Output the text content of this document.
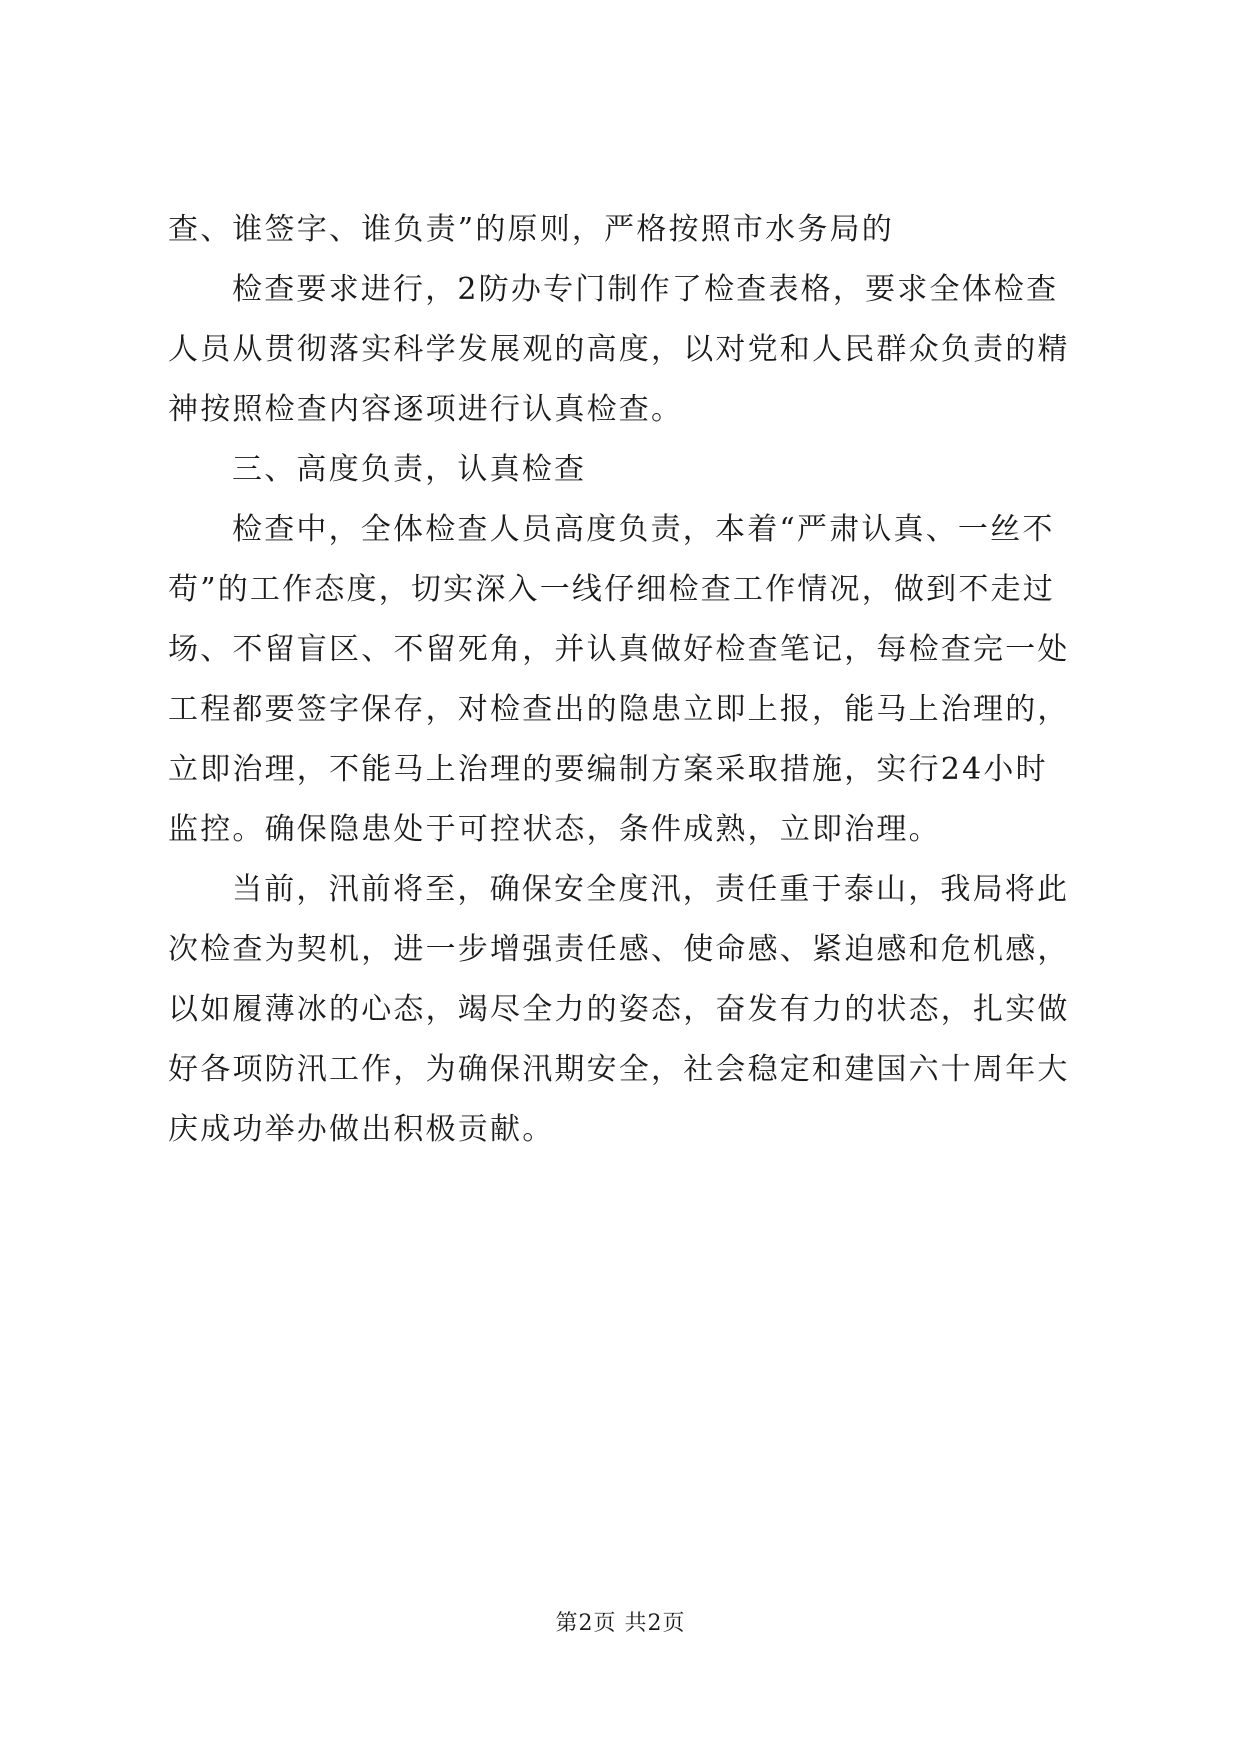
查、谁签字、谁负责”的原则，严格按照市水务局的
检查要求进行，2防办专门制作了检查表格，要求全体检查
人员从贯彻落实科学发展观的高度，以对党和人民群众负责的精
神按照检查内容逐项进行认真检查。
三、高度负责，认真检查
检查中，全体检查人员高度负责，本着“严肃认真、一丝不
苟”的工作态度，切实深入一线仔细检查工作情况，做到不走过
场、不留盲区、不留死角，并认真做好检查笔记，每检查完一处
工程都要签字保存，对检查出的隐患立即上报，能马上治理的，
立即治理，不能马上治理的要编制方案采取措施，实行24小时
监控。确保隐患处于可控状态，条件成熟，立即治理。
当前，汛前将至，确保安全度汛，责任重于泰山，我局将此
次检查为契机，进一步增强责任感、使命感、紧迫感和危机感，
以如履薄冰的心态，竭尽全力的姿态，奋发有力的状态，扎实做
好各项防汛工作，为确保汛期安全，社会稳定和建国六十周年大
庆成功举办做出积极贡献。
第2页 共2页
